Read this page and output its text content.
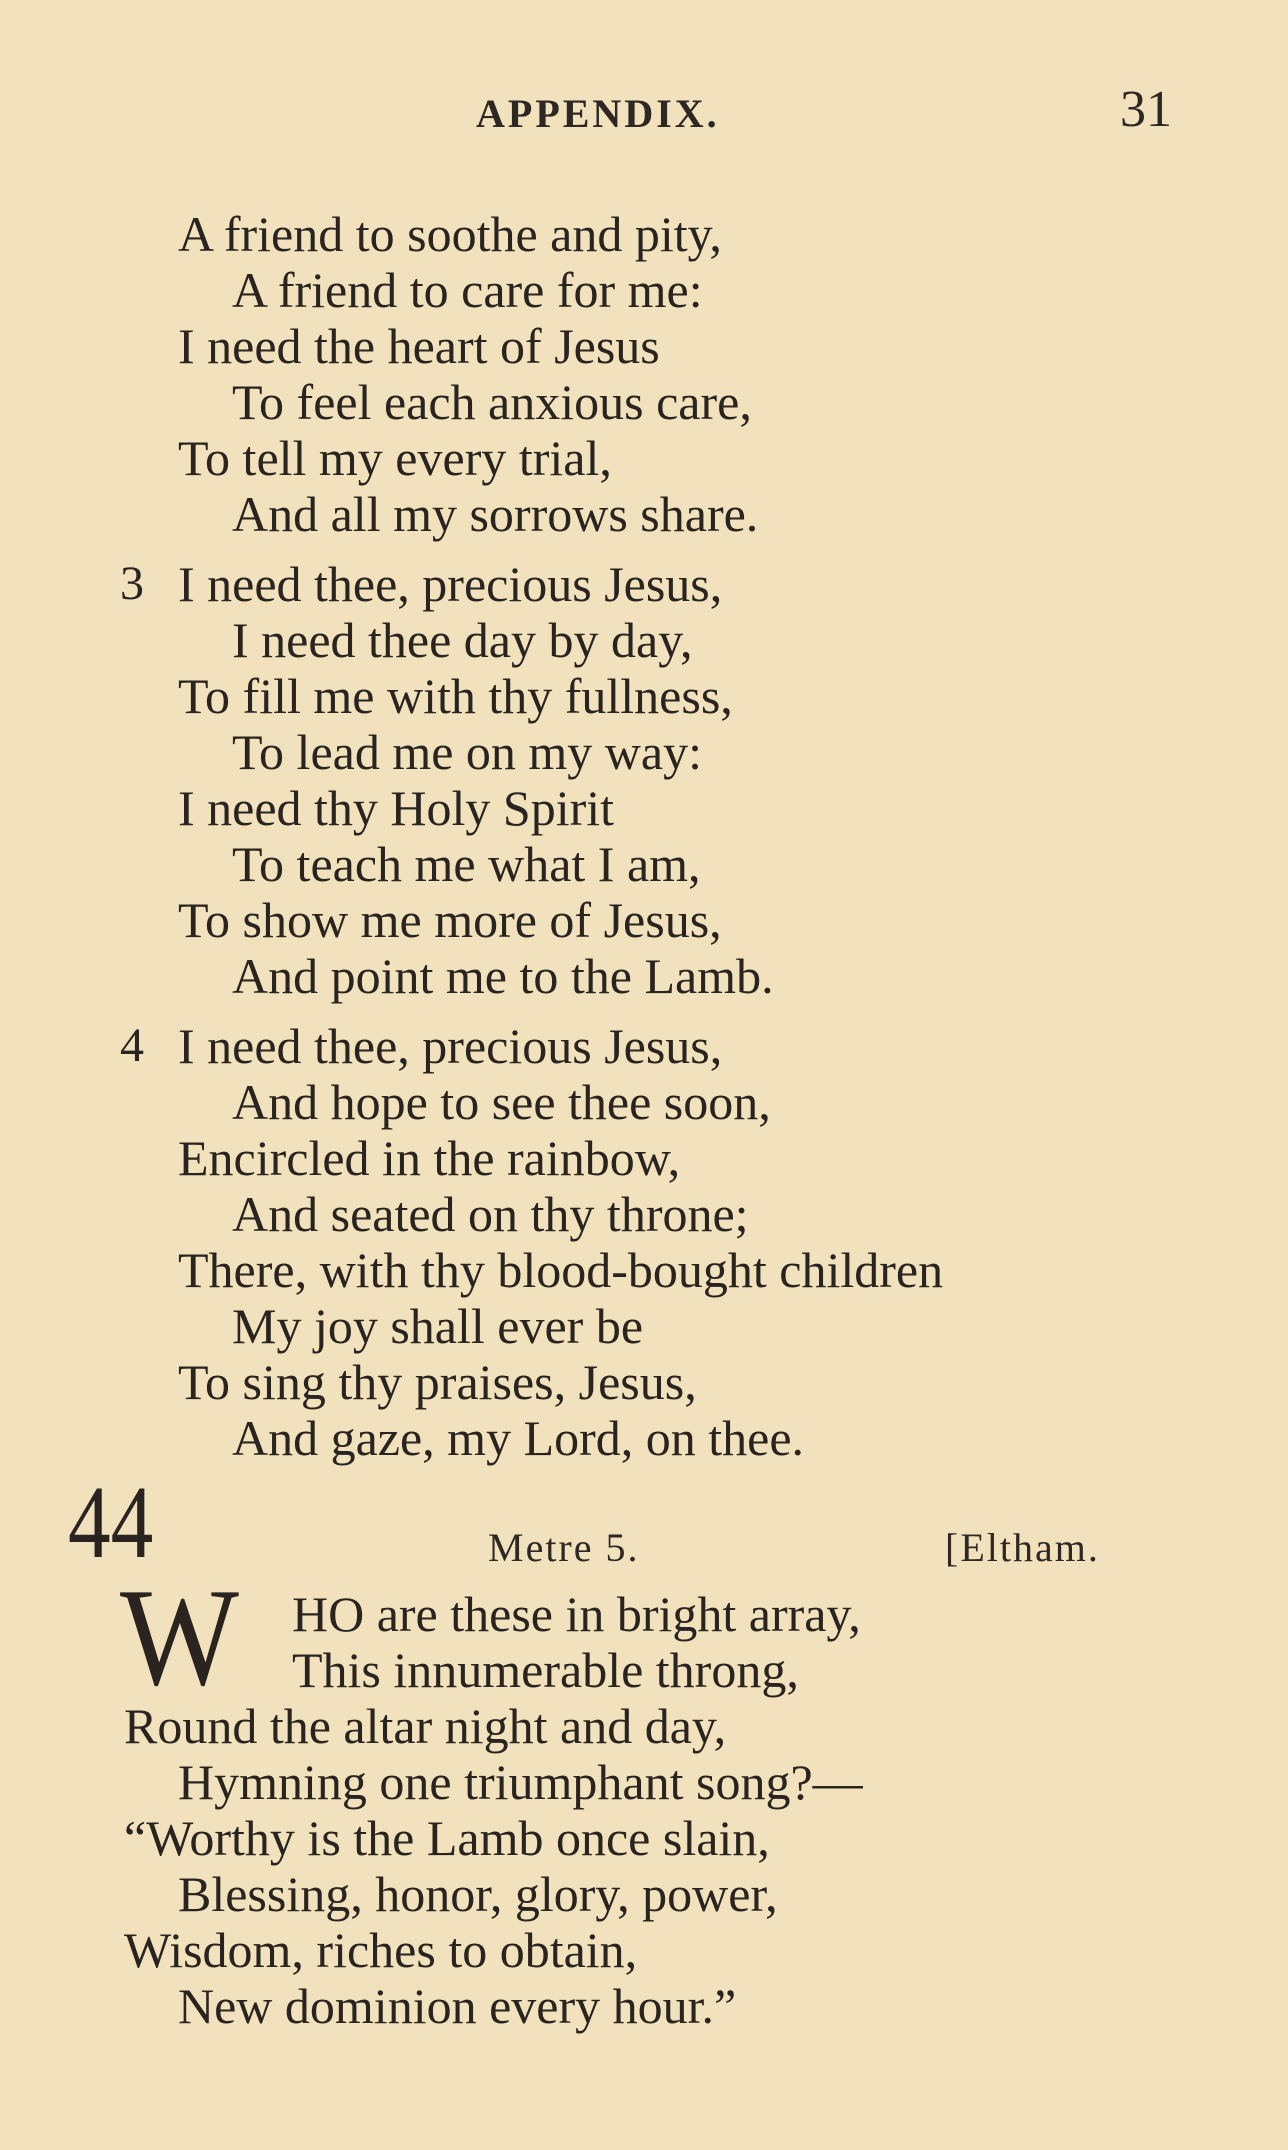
APPENDIX.	31
A friend to soothe and pity,
A friend to care for me:
I need the heart of Jesus
To feel each anxious care,
To tell my every trial,
And all my sorrows share.
3 I need thee, precious Jesus,
I need thee day by day,
To fill me with thy fullness,
To lead me on my way:
I need thy Holy Spirit
To teach me what I am,
To show me more of Jesus,
And point me to the Lamb.
4 I need thee, precious Jesus,
And hope to see thee soon,
Encircled in the rainbow,
And seated on thy throne;
There, with thy blood-bought children
My joy shall ever be
To sing thy praises, Jesus,
And gaze, my Lord, on thee.
44	Metre 5.	[Eltham.
W HO are these in bright array,
This innumerable throng,
Round the altar night and day,
Hymning one triumphant song?—
“Worthy is the Lamb once slain,
Blessing, honor, glory, power,
Wisdom, riches to obtain,
New dominion every hour.”
